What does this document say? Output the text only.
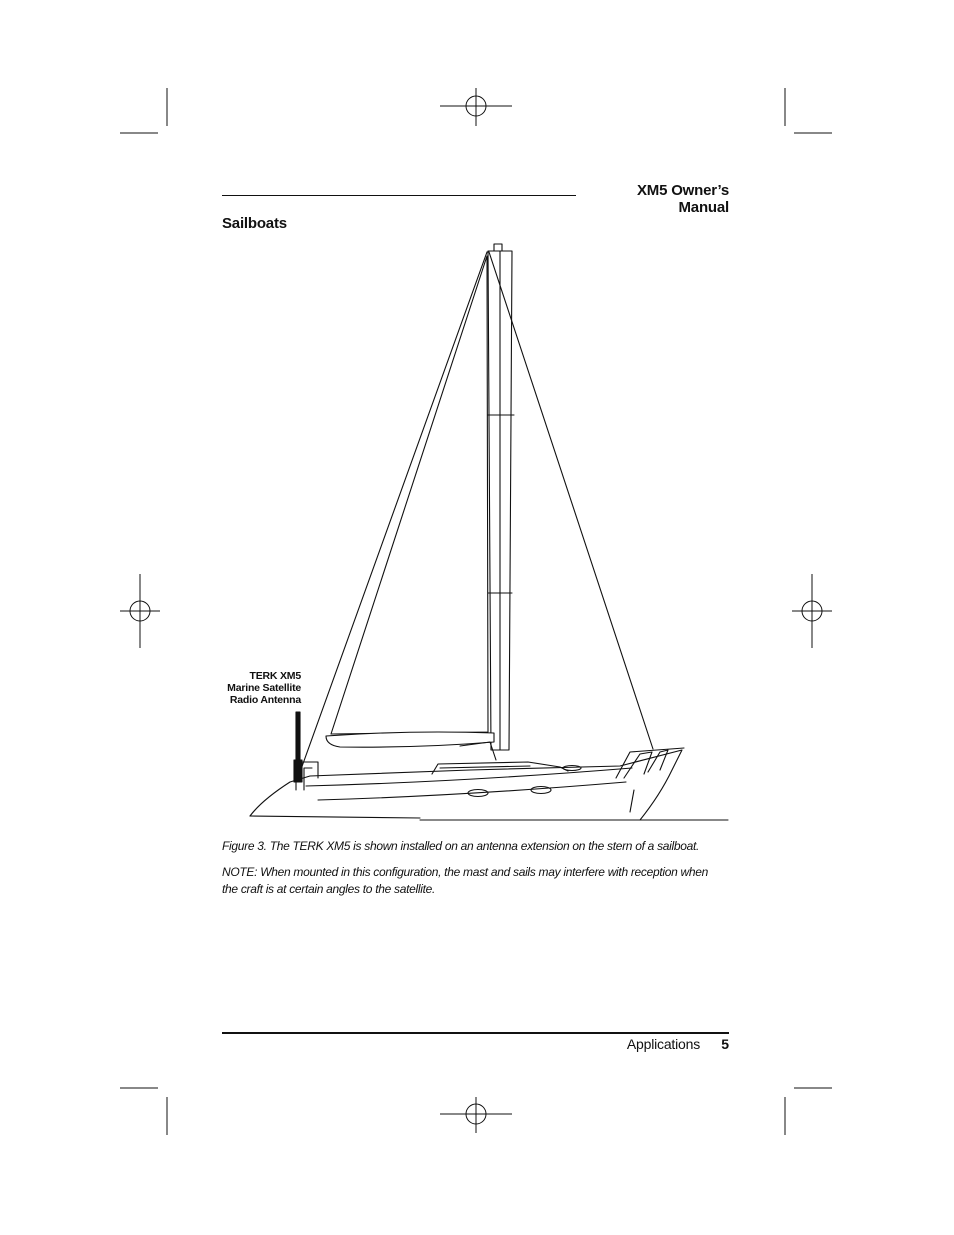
XM5 Owner’s Manual
Sailboats
TERK XM5
Marine Satellite
Radio Antenna
Figure 3. The TERK XM5 is shown installed on an antenna extension on the stern of a sailboat.
NOTE: When mounted in this configuration, the mast and sails may interfere with reception when the craft is at certain angles to the satellite.
Applications	5
